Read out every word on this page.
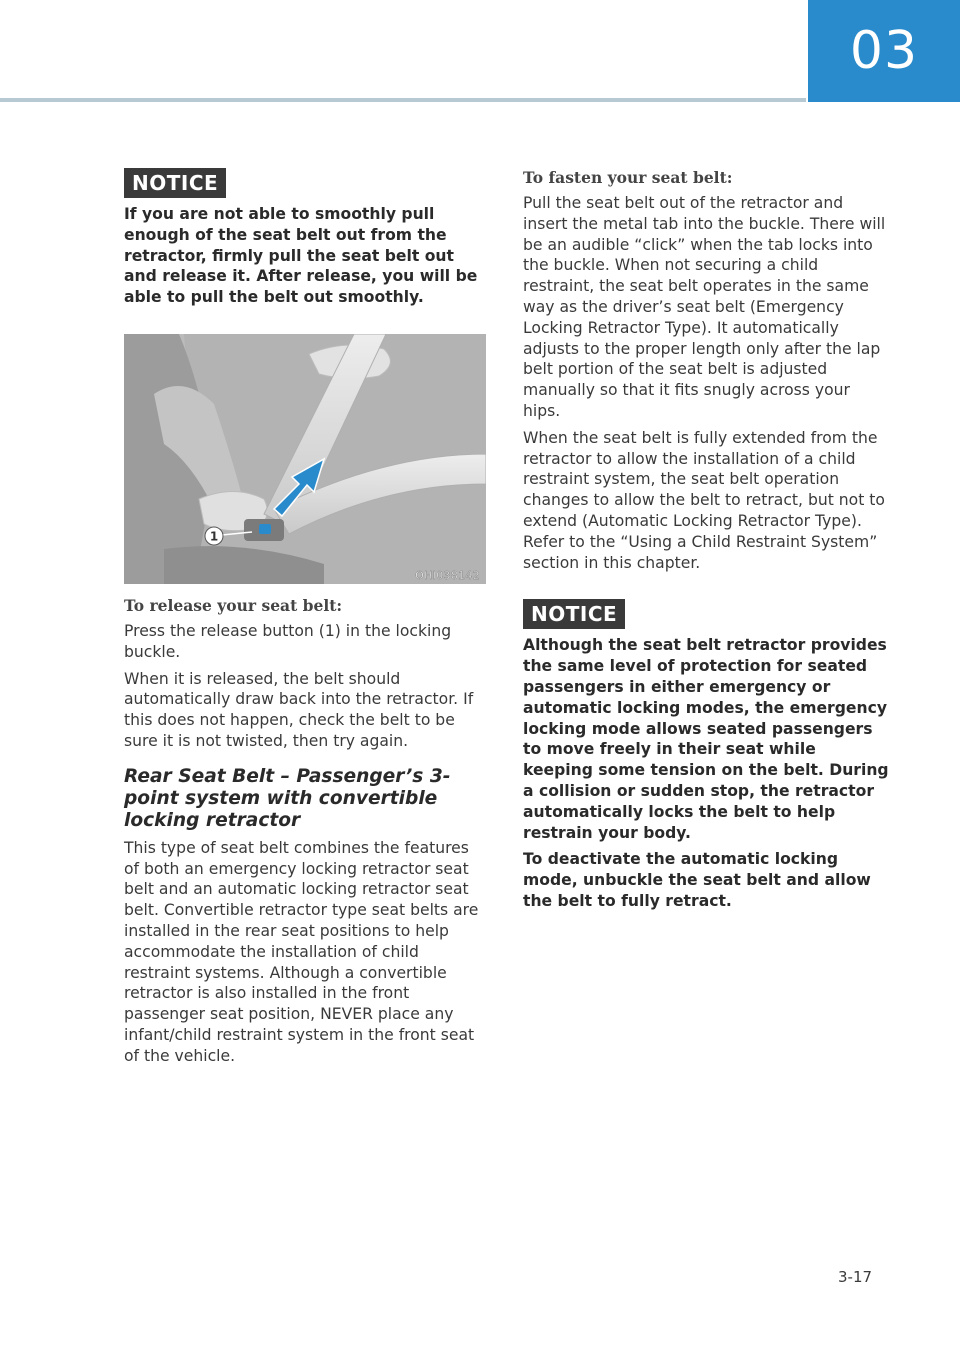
03
NOTICE

If you are not able to smoothly pull enough of the seat belt out from the retractor, firmly pull the seat belt out and release it. After release, you will be able to pull the belt out smoothly.

1
OHI038142
To release your seat belt:

Press the release button (1) in the locking buckle.

When it is released, the belt should automatically draw back into the retractor. If this does not happen, check the belt to be sure it is not twisted, then try again.

Rear Seat Belt – Passenger’s 3-point system with convertible locking retractor

This type of seat belt combines the features of both an emergency locking retractor seat belt and an automatic locking retractor seat belt. Convertible retractor type seat belts are installed in the rear seat positions to help accommodate the installation of child restraint systems. Although a convertible retractor is also installed in the front passenger seat position, NEVER place any infant/child restraint system in the front seat of the vehicle.

To fasten your seat belt:

Pull the seat belt out of the retractor and insert the metal tab into the buckle. There will be an audible “click” when the tab locks into the buckle. When not securing a child restraint, the seat belt operates in the same way as the driver’s seat belt (Emergency Locking Retractor Type). It automatically adjusts to the proper length only after the lap belt portion of the seat belt is adjusted manually so that it fits snugly across your hips.

When the seat belt is fully extended from the retractor to allow the installation of a child restraint system, the seat belt operation changes to allow the belt to retract, but not to extend (Automatic Locking Retractor Type). Refer to the “Using a Child Restraint System” section in this chapter.

NOTICE

Although the seat belt retractor provides the same level of protection for seated passengers in either emergency or automatic locking modes, the emergency locking mode allows seated passengers to move freely in their seat while keeping some tension on the belt. During a collision or sudden stop, the retractor automatically locks the belt to help restrain your body.

To deactivate the automatic locking mode, unbuckle the seat belt and allow the belt to fully retract.

3-17
